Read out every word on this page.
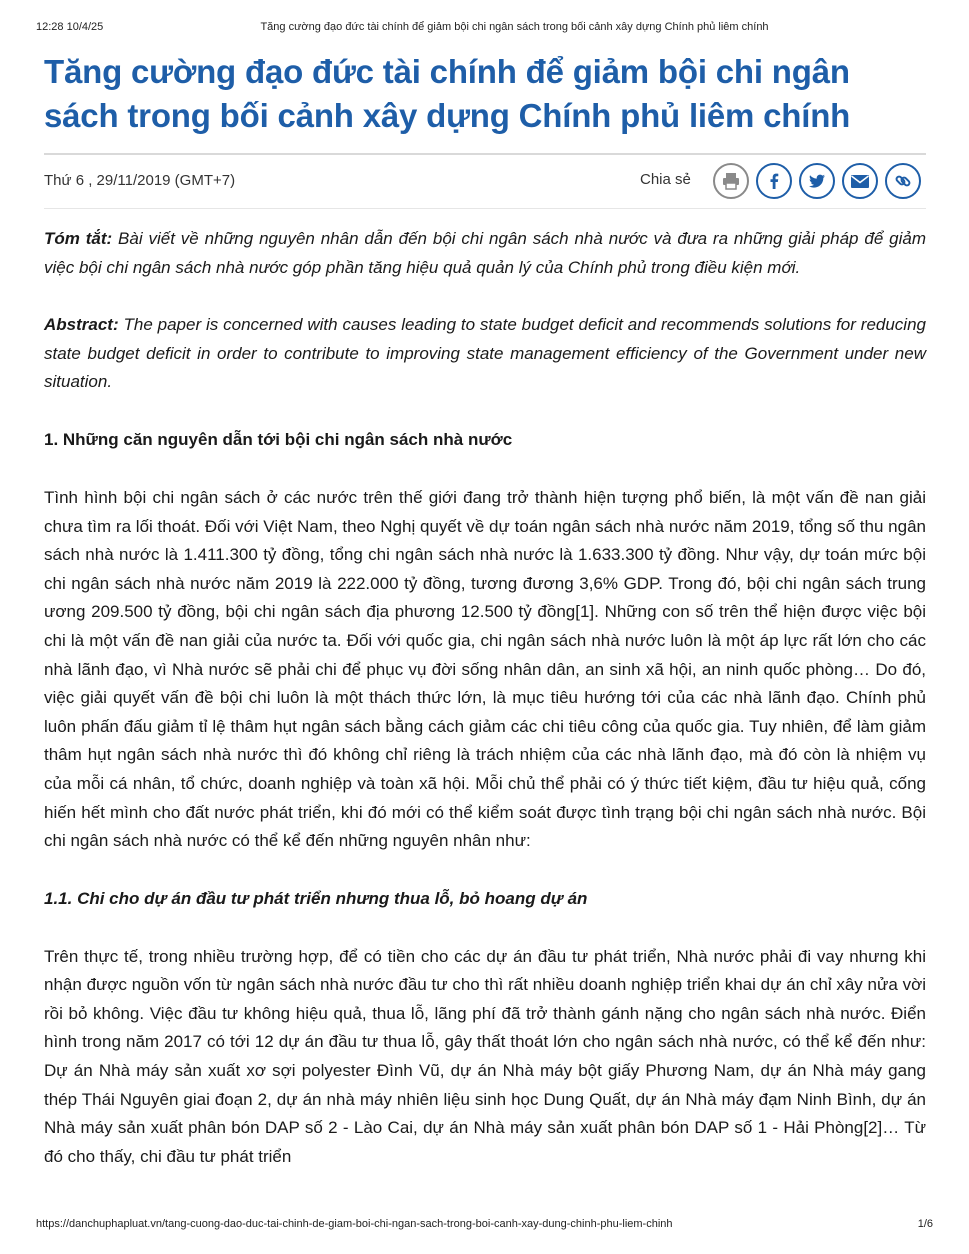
12:28 10/4/25	Tăng cường đạo đức tài chính để giảm bội chi ngân sách trong bối cảnh xây dựng Chính phủ liêm chính
Tăng cường đạo đức tài chính để giảm bội chi ngân sách trong bối cảnh xây dựng Chính phủ liêm chính
Thứ 6 , 29/11/2019 (GMT+7)	Chia sẻ

Tóm tắt: Bài viết về những nguyên nhân dẫn đến bội chi ngân sách nhà nước và đưa ra những giải pháp để giảm việc bội chi ngân sách nhà nước góp phần tăng hiệu quả quản lý của Chính phủ trong điều kiện mới.

Abstract: The paper is concerned with causes leading to state budget deficit and recommends solutions for reducing state budget deficit in order to contribute to improving state management efficiency of the Government under new situation.

1. Những căn nguyên dẫn tới bội chi ngân sách nhà nước

Tình hình bội chi ngân sách ở các nước trên thế giới đang trở thành hiện tượng phổ biến, là một vấn đề nan giải chưa tìm ra lối thoát. Đối với Việt Nam, theo Nghị quyết về dự toán ngân sách nhà nước năm 2019, tổng số thu ngân sách nhà nước là 1.411.300 tỷ đồng, tổng chi ngân sách nhà nước là 1.633.300 tỷ đồng. Như vậy, dự toán mức bội chi ngân sách nhà nước năm 2019 là 222.000 tỷ đồng, tương đương 3,6% GDP. Trong đó, bội chi ngân sách trung ương 209.500 tỷ đồng, bội chi ngân sách địa phương 12.500 tỷ đồng[1]. Những con số trên thể hiện được việc bội chi là một vấn đề nan giải của nước ta. Đối với quốc gia, chi ngân sách nhà nước luôn là một áp lực rất lớn cho các nhà lãnh đạo, vì Nhà nước sẽ phải chi để phục vụ đời sống nhân dân, an sinh xã hội, an ninh quốc phòng… Do đó, việc giải quyết vấn đề bội chi luôn là một thách thức lớn, là mục tiêu hướng tới của các nhà lãnh đạo. Chính phủ luôn phấn đấu giảm tỉ lệ thâm hụt ngân sách bằng cách giảm các chi tiêu công của quốc gia. Tuy nhiên, để làm giảm thâm hụt ngân sách nhà nước thì đó không chỉ riêng là trách nhiệm của các nhà lãnh đạo, mà đó còn là nhiệm vụ của mỗi cá nhân, tổ chức, doanh nghiệp và toàn xã hội. Mỗi chủ thể phải có ý thức tiết kiệm, đầu tư hiệu quả, cống hiến hết mình cho đất nước phát triển, khi đó mới có thể kiểm soát được tình trạng bội chi ngân sách nhà nước. Bội chi ngân sách nhà nước có thể kể đến những nguyên nhân như:

1.1. Chi cho dự án đầu tư phát triển nhưng thua lỗ, bỏ hoang dự án

Trên thực tế, trong nhiều trường hợp, để có tiền cho các dự án đầu tư phát triển, Nhà nước phải đi vay nhưng khi nhận được nguồn vốn từ ngân sách nhà nước đầu tư cho thì rất nhiều doanh nghiệp triển khai dự án chỉ xây nửa vời rồi bỏ không. Việc đầu tư không hiệu quả, thua lỗ, lãng phí đã trở thành gánh nặng cho ngân sách nhà nước. Điển hình trong năm 2017 có tới 12 dự án đầu tư thua lỗ, gây thất thoát lớn cho ngân sách nhà nước, có thể kể đến như: Dự án Nhà máy sản xuất xơ sợi polyester Đình Vũ, dự án Nhà máy bột giấy Phương Nam, dự án Nhà máy gang thép Thái Nguyên giai đoạn 2, dự án nhà máy nhiên liệu sinh học Dung Quất, dự án Nhà máy đạm Ninh Bình, dự án Nhà máy sản xuất phân bón DAP số 2 - Lào Cai, dự án Nhà máy sản xuất phân bón DAP số 1 - Hải Phòng[2]… Từ đó cho thấy, chi đầu tư phát triển

https://danchuphapluat.vn/tang-cuong-dao-duc-tai-chinh-de-giam-boi-chi-ngan-sach-trong-boi-canh-xay-dung-chinh-phu-liem-chinh	1/6
